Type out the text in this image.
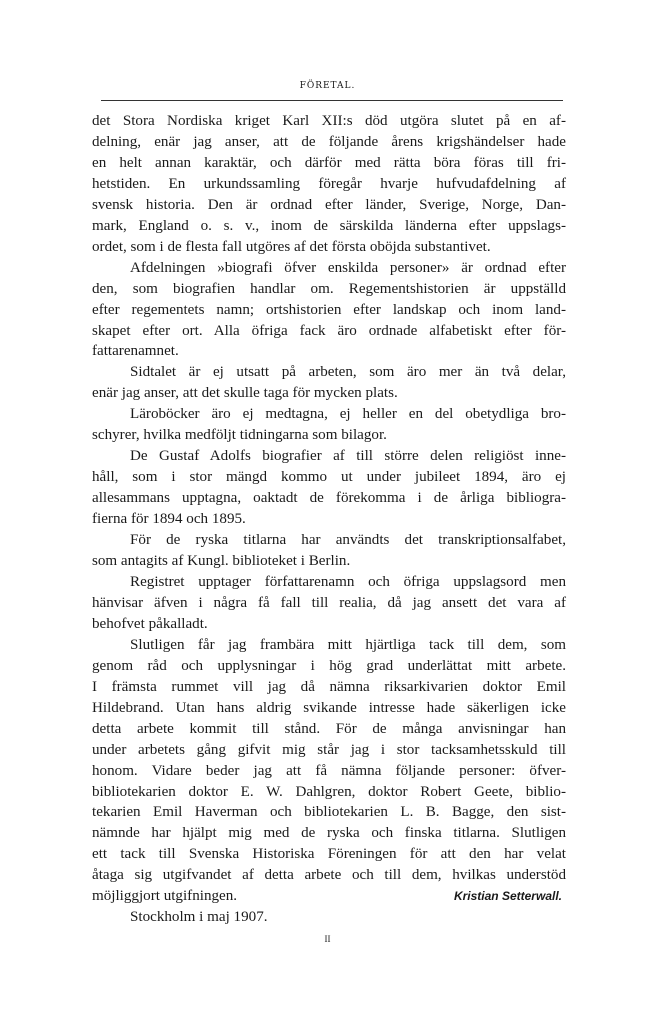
FÖRETAL.

det Stora Nordiska kriget Karl XII:s död utgöra slutet på en af-

delning, enär jag anser, att de följande årens krigshändelser hade

en helt annan karaktär, och därför med rätta böra föras till fri-

hetstiden. En urkundssamling föregår hvarje hufvudafdelning af

svensk historia. Den är ordnad efter länder, Sverige, Norge, Dan-

mark, England o. s. v., inom de särskilda länderna efter uppslags-

ordet, som i de flesta fall utgöres af det första oböjda substantivet.

Afdelningen »biografi öfver enskilda personer» är ordnad efter

den, som biografien handlar om. Regementshistorien är uppställd

efter regementets namn; ortshistorien efter landskap och inom land-

skapet efter ort. Alla öfriga fack äro ordnade alfabetiskt efter för-

fattarenamnet.

Sidtalet är ej utsatt på arbeten, som äro mer än två delar,

enär jag anser, att det skulle taga för mycken plats.

Läroböcker äro ej medtagna, ej heller en del obetydliga bro-

schyrer, hvilka medföljt tidningarna som bilagor.

De Gustaf Adolfs biografier af till större delen religiöst inne-

håll, som i stor mängd kommo ut under jubileet 1894, äro ej

allesammans upptagna, oaktadt de förekomma i de årliga bibliogra-

fierna för 1894 och 1895.

För de ryska titlarna har användts det transkriptionsalfabet,

som antagits af Kungl. biblioteket i Berlin.

Registret upptager författarenamn och öfriga uppslagsord men

hänvisar äfven i några få fall till realia, då jag ansett det vara af

behofvet påkalladt.

Slutligen får jag frambära mitt hjärtliga tack till dem, som

genom råd och upplysningar i hög grad underlättat mitt arbete.

I främsta rummet vill jag då nämna riksarkivarien doktor Emil

Hildebrand. Utan hans aldrig svikande intresse hade säkerligen icke

detta arbete kommit till stånd. För de många anvisningar han

under arbetets gång gifvit mig står jag i stor tacksamhetsskuld till

honom. Vidare beder jag att få nämna följande personer: öfver-

bibliotekarien doktor E. W. Dahlgren, doktor Robert Geete, biblio-

tekarien Emil Haverman och bibliotekarien L. B. Bagge, den sist-

nämnde har hjälpt mig med de ryska och finska titlarna. Slutligen

ett tack till Svenska Historiska Föreningen för att den har velat

åtaga sig utgifvandet af detta arbete och till dem, hvilkas understöd

möjliggjort utgifningen.

Stockholm i maj 1907.

Kristian Setterwall.
II
